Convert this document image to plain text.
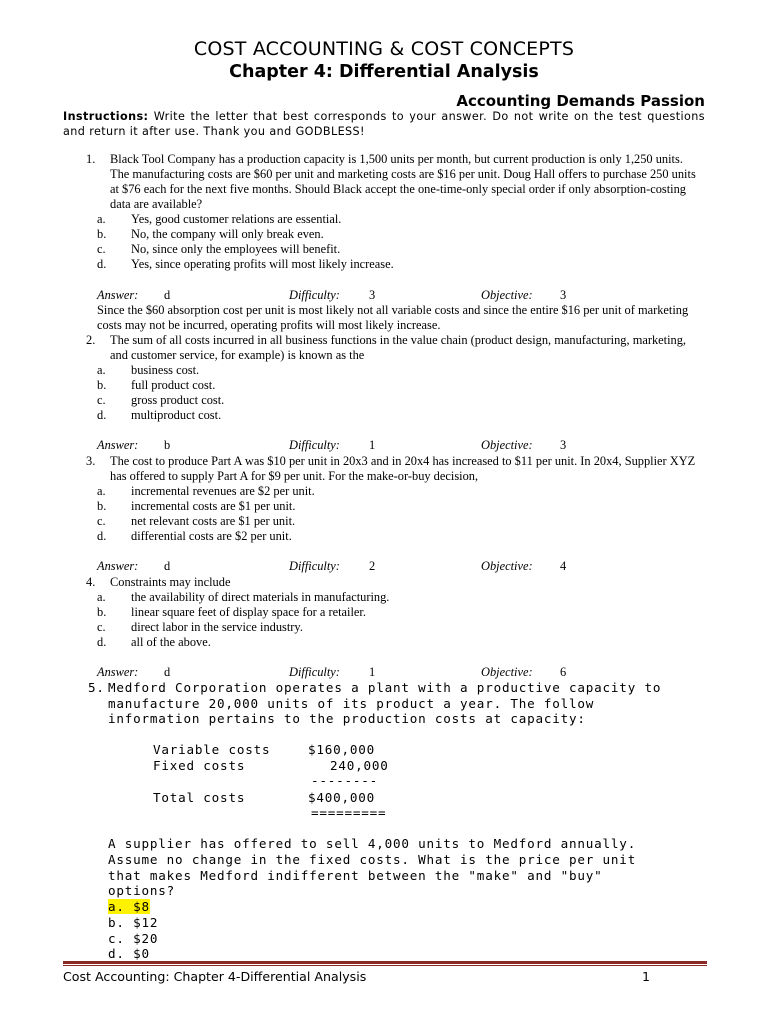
COST ACCOUNTING & COST CONCEPTS
Chapter 4: Differential Analysis
Accounting Demands Passion
Instructions: Write the letter that best corresponds to your answer. Do not write on the test questions and return it after use. Thank you and GODBLESS!
1. Black Tool Company has a production capacity is 1,500 units per month, but current production is only 1,250 units. The manufacturing costs are $60 per unit and marketing costs are $16 per unit. Doug Hall offers to purchase 250 units at $76 each for the next five months. Should Black accept the one-time-only special order if only absorption-costing data are available?
a. Yes, good customer relations are essential.
b. No, the company will only break even.
c. No, since only the employees will benefit.
d. Yes, since operating profits will most likely increase.
Answer: d	Difficulty: 3	Objective: 3
Since the $60 absorption cost per unit is most likely not all variable costs and since the entire $16 per unit of marketing costs may not be incurred, operating profits will most likely increase.
2. The sum of all costs incurred in all business functions in the value chain (product design, manufacturing, marketing, and customer service, for example) is known as the
a. business cost.
b. full product cost.
c. gross product cost.
d. multiproduct cost.
Answer: b	Difficulty: 1	Objective: 3
3. The cost to produce Part A was $10 per unit in 20x3 and in 20x4 has increased to $11 per unit. In 20x4, Supplier XYZ has offered to supply Part A for $9 per unit. For the make-or-buy decision,
a. incremental revenues are $2 per unit.
b. incremental costs are $1 per unit.
c. net relevant costs are $1 per unit.
d. differential costs are $2 per unit.
Answer: d	Difficulty: 2	Objective: 4
4. Constraints may include
a. the availability of direct materials in manufacturing.
b. linear square feet of display space for a retailer.
c. direct labor in the service industry.
d. all of the above.
Answer: d	Difficulty: 1	Objective: 6
5. Medford Corporation operates a plant with a productive capacity to
manufacture 20,000 units of its product a year. The follow
information pertains to the production costs at capacity:
Variable costs	$160,000
Fixed costs	240,000
--------
Total costs	$400,000
=========
A supplier has offered to sell 4,000 units to Medford annually.
Assume no change in the fixed costs. What is the price per unit
that makes Medford indifferent between the "make" and "buy"
options?
a. $8
b. $12
c. $20
d. $0
Cost Accounting: Chapter 4-Differential Analysis	1
